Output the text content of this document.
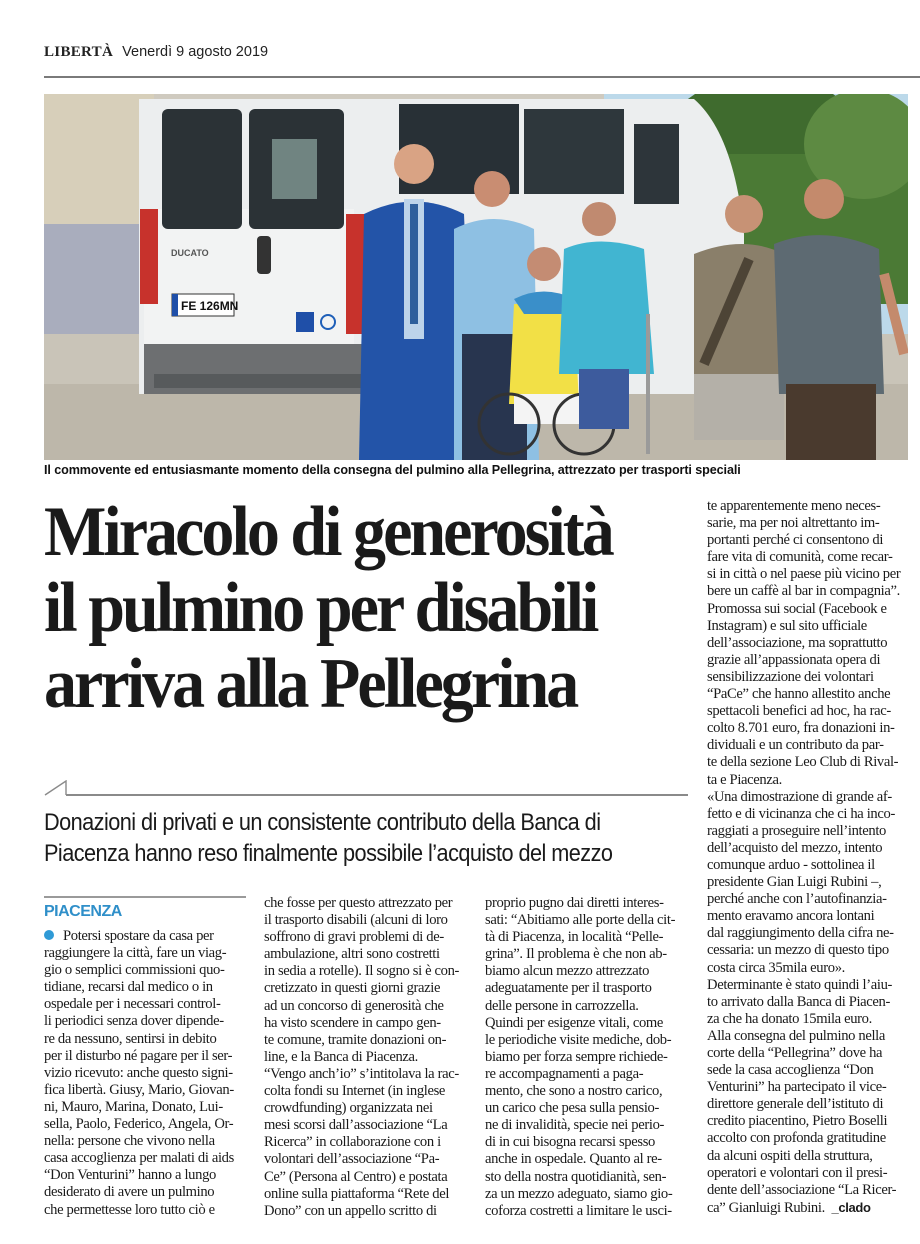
LIBERTÀ Venerdì 9 agosto 2019
DUCATO
FE 126MN
Il commovente ed entusiasmante momento della consegna del pulmino alla Pellegrina, attrezzato per trasporti speciali
Miracolo di generosità
il pulmino per disabili
arriva alla Pellegrina
Donazioni di privati e un consistente contributo della Banca di
Piacenza hanno reso finalmente possibile l’acquisto del mezzo
PIACENZA
Potersi spostare da casa per
raggiungere la città, fare un viag-
gio o semplici commissioni quo-
tidiane, recarsi dal medico o in
ospedale per i necessari control-
li periodici senza dover dipende-
re da nessuno, sentirsi in debito
per il disturbo né pagare per il ser-
vizio ricevuto: anche questo signi-
fica libertà. Giusy, Mario, Giovan-
ni, Mauro, Marina, Donato, Lui-
sella, Paolo, Federico, Angela, Or-
nella: persone che vivono nella
casa accoglienza per malati di aids
“Don Venturini” hanno a lungo
desiderato di avere un pulmino
che permettesse loro tutto ciò e
che fosse per questo attrezzato per
il trasporto disabili (alcuni di loro
soffrono di gravi problemi di de-
ambulazione, altri sono costretti
in sedia a rotelle). Il sogno si è con-
cretizzato in questi giorni grazie
ad un concorso di generosità che
ha visto scendere in campo gen-
te comune, tramite donazioni on-
line, e la Banca di Piacenza.
“Vengo anch’io” s’intitolava la rac-
colta fondi su Internet (in inglese
crowdfunding) organizzata nei
mesi scorsi dall’associazione “La
Ricerca” in collaborazione con i
volontari dell’associazione “Pa-
Ce” (Persona al Centro) e postata
online sulla piattaforma “Rete del
Dono” con un appello scritto di
proprio pugno dai diretti interes-
sati: “Abitiamo alle porte della cit-
tà di Piacenza, in località “Pelle-
grina”. Il problema è che non ab-
biamo alcun mezzo attrezzato
adeguatamente per il trasporto
delle persone in carrozzella.
Quindi per esigenze vitali, come
le periodiche visite mediche, dob-
biamo per forza sempre richiede-
re accompagnamenti a paga-
mento, che sono a nostro carico,
un carico che pesa sulla pensio-
ne di invalidità, specie nei perio-
di in cui bisogna recarsi spesso
anche in ospedale. Quanto al re-
sto della nostra quotidianità, sen-
za un mezzo adeguato, siamo gio-
coforza costretti a limitare le usci-
te apparentemente meno neces-
sarie, ma per noi altrettanto im-
portanti perché ci consentono di
fare vita di comunità, come recar-
si in città o nel paese più vicino per
bere un caffè al bar in compagnia”.
Promossa sui social (Facebook e
Instagram) e sul sito ufficiale
dell’associazione, ma soprattutto
grazie all’appassionata opera di
sensibilizzazione dei volontari
“PaCe” che hanno allestito anche
spettacoli benefici ad hoc, ha rac-
colto 8.701 euro, fra donazioni in-
dividuali e un contributo da par-
te della sezione Leo Club di Rival-
ta e Piacenza.
«Una dimostrazione di grande af-
fetto e di vicinanza che ci ha inco-
raggiati a proseguire nell’intento
dell’acquisto del mezzo, intento
comunque arduo - sottolinea il
presidente Gian Luigi Rubini –,
perché anche con l’autofinanzia-
mento eravamo ancora lontani
dal raggiungimento della cifra ne-
cessaria: un mezzo di questo tipo
costa circa 35mila euro».
Determinante è stato quindi l’aiu-
to arrivato dalla Banca di Piacen-
za che ha donato 15mila euro.
Alla consegna del pulmino nella
corte della “Pellegrina” dove ha
sede la casa accoglienza “Don
Venturini” ha partecipato il vice-
direttore generale dell’istituto di
credito piacentino, Pietro Boselli
accolto con profonda gratitudine
da alcuni ospiti della struttura,
operatori e volontari con il presi-
dente dell’associazione “La Ricer-
ca” Gianluigi Rubini. _clado
